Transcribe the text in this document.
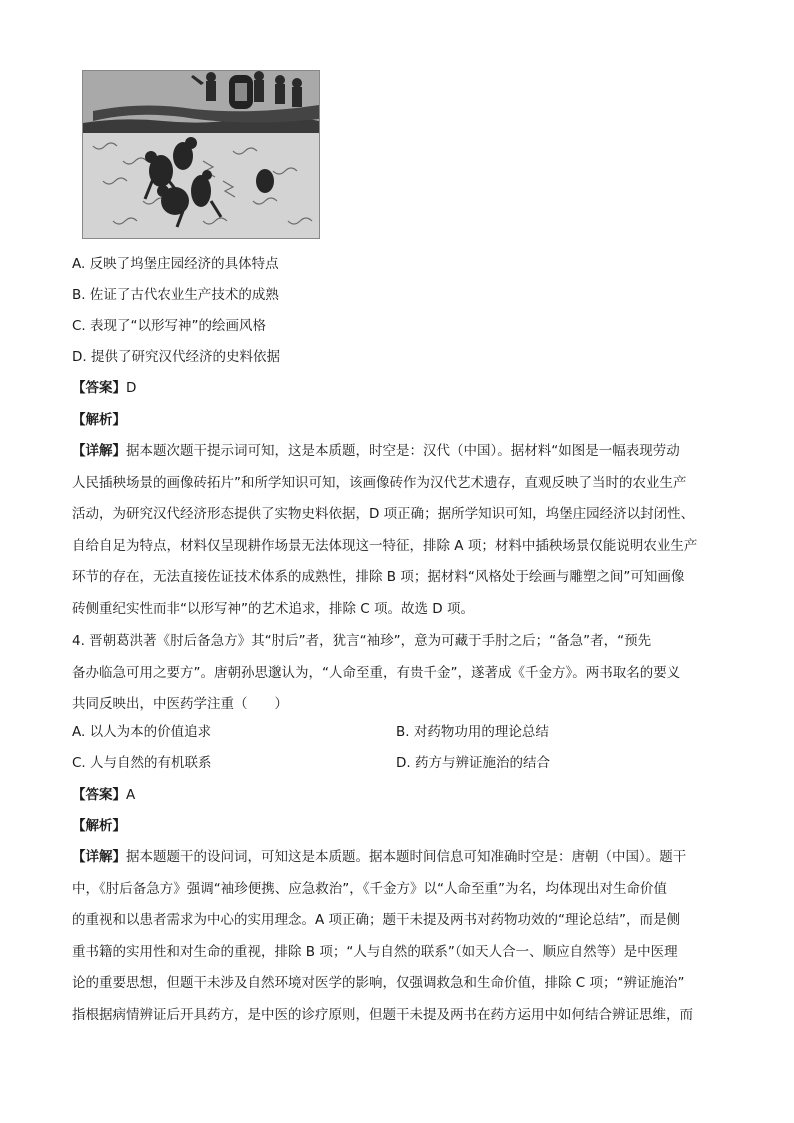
A. 反映了坞堡庄园经济的具体特点
B. 佐证了古代农业生产技术的成熟
C. 表现了“以形写神”的绘画风格
D. 提供了研究汉代经济的史料依据
【答案】D
【解析】
【详解】据本题次题干提示词可知，这是本质题，时空是：汉代（中国）。据材料“如图是一幅表现劳动
人民插秧场景的画像砖拓片”和所学知识可知，该画像砖作为汉代艺术遗存，直观反映了当时的农业生产
活动，为研究汉代经济形态提供了实物史料依据，D 项正确；据所学知识可知，坞堡庄园经济以封闭性、
自给自足为特点，材料仅呈现耕作场景无法体现这一特征，排除 A 项；材料中插秧场景仅能说明农业生产
环节的存在，无法直接佐证技术体系的成熟性，排除 B 项；据材料“风格处于绘画与雕塑之间”可知画像
砖侧重纪实性而非“以形写神”的艺术追求，排除 C 项。故选 D 项。
4. 晋朝葛洪著《肘后备急方》其“肘后”者，犹言“袖珍”，意为可藏于手肘之后；“备急”者，“预先
备办临急可用之要方”。唐朝孙思邈认为，“人命至重，有贵千金”，遂著成《千金方》。两书取名的要义
共同反映出，中医药学注重（　　）
A. 以人为本的价值追求	B. 对药物功用的理论总结
C. 人与自然的有机联系	D. 药方与辨证施治的结合
【答案】A
【解析】
【详解】据本题题干的设问词，可知这是本质题。据本题时间信息可知准确时空是：唐朝（中国）。题干
中，《肘后备急方》强调“袖珍便携、应急救治”，《千金方》以“人命至重”为名，均体现出对生命价值
的重视和以患者需求为中心的实用理念。A 项正确；题干未提及两书对药物功效的“理论总结”，而是侧
重书籍的实用性和对生命的重视，排除 B 项；“人与自然的联系”（如天人合一、顺应自然等）是中医理
论的重要思想，但题干未涉及自然环境对医学的影响，仅强调救急和生命价值，排除 C 项；“辨证施治”
指根据病情辨证后开具药方，是中医的诊疗原则，但题干未提及两书在药方运用中如何结合辨证思维，而
